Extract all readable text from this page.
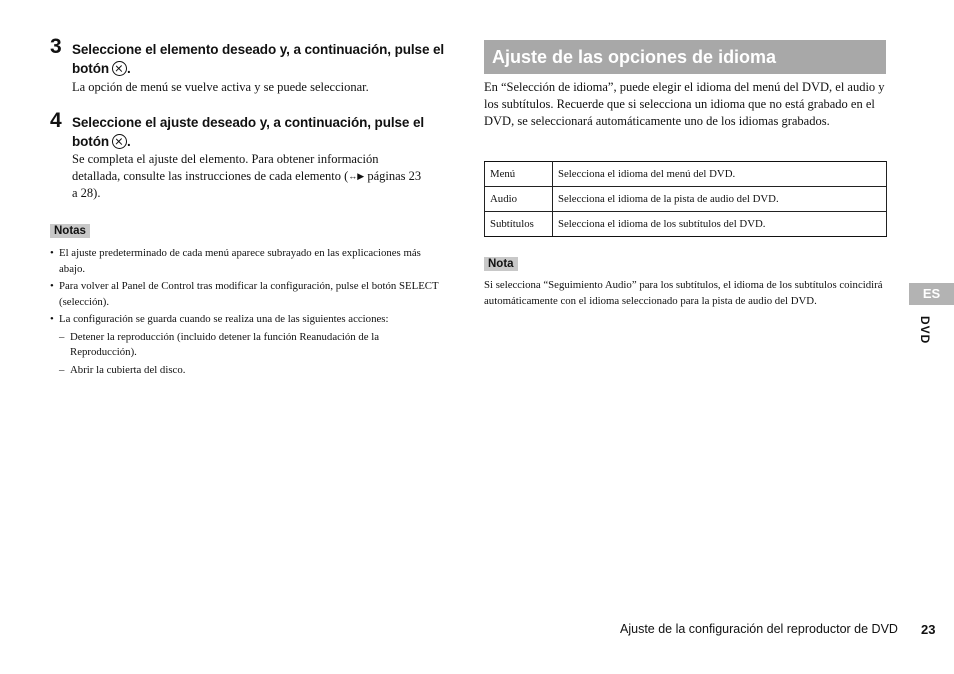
3 Seleccione el elemento deseado y, a continuación, pulse el
botón .
La opción de menú se vuelve activa y se puede seleccionar.
4 Seleccione el ajuste deseado y, a continuación, pulse el
botón .
Se completa el ajuste del elemento. Para obtener información
detallada, consulte las instrucciones de cada elemento (↔▶ páginas 23
a 28).
Notas
• El ajuste predeterminado de cada menú aparece subrayado en las explicaciones más abajo.
• Para volver al Panel de Control tras modificar la configuración, pulse el botón SELECT (selección).
• La configuración se guarda cuando se realiza una de las siguientes acciones:
– Detener la reproducción (incluido detener la función Reanudación de la Reproducción).
– Abrir la cubierta del disco.
Ajuste de las opciones de idioma
En “Selección de idioma”, puede elegir el idioma del menú del DVD, el audio y los subtítulos. Recuerde que si selecciona un idioma que no está grabado en el DVD, se seleccionará automáticamente uno de los idiomas grabados.
Menú	Selecciona el idioma del menú del DVD.
Audio	Selecciona el idioma de la pista de audio del DVD.
Subtítulos	Selecciona el idioma de los subtítulos del DVD.
Nota
Si selecciona “Seguimiento Audio” para los subtítulos, el idioma de los subtítulos coincidirá automáticamente con el idioma seleccionado para la pista de audio del DVD.	ES
DVD
Ajuste de la configuración del reproductor de DVD 23
